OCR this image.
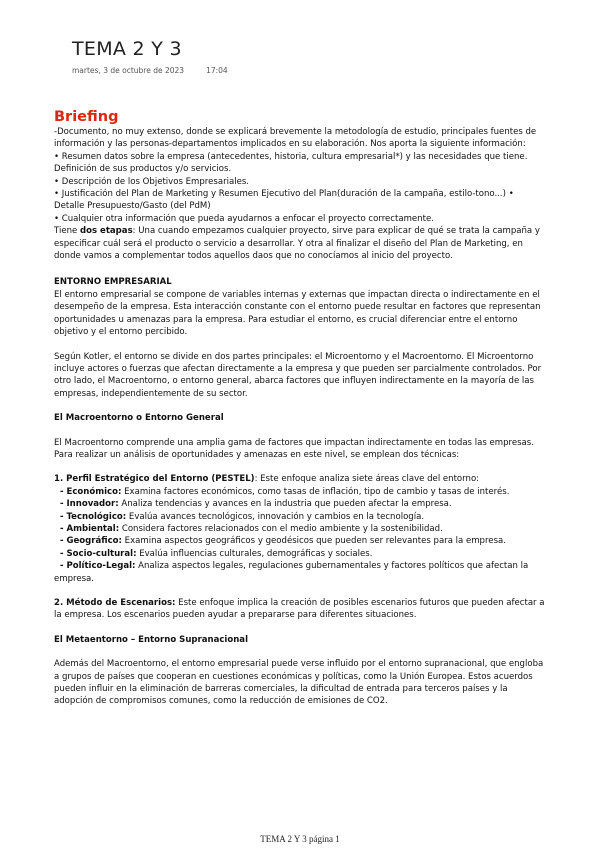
TEMA 2 Y 3
martes, 3 de octubre de 2023	17:04

Briefing

-Documento, no muy extenso, donde se explicará brevemente la metodología de estudio, principales fuentes de información y las personas-departamentos implicados en su elaboración. Nos aporta la siguiente información:

• Resumen datos sobre la empresa (antecedentes, historia, cultura empresarial*) y las necesidades que tiene. Definición de sus productos y/o servicios.

• Descripción de los Objetivos Empresariales.

• Justificación del Plan de Marketing y Resumen Ejecutivo del Plan(duración de la campaña, estilo-tono...) • Detalle Presupuesto/Gasto (del PdM)

• Cualquier otra información que pueda ayudarnos a enfocar el proyecto correctamente.

Tiene dos etapas: Una cuando empezamos cualquier proyecto, sirve para explicar de qué se trata la campaña y especificar cuál será el producto o servicio a desarrollar. Y otra al finalizar el diseño del Plan de Marketing, en donde vamos a complementar todos aquellos daos que no conocíamos al inicio del proyecto.

ENTORNO EMPRESARIAL

El entorno empresarial se compone de variables internas y externas que impactan directa o indirectamente en el desempeño de la empresa. Esta interacción constante con el entorno puede resultar en factores que representan oportunidades u amenazas para la empresa. Para estudiar el entorno, es crucial diferenciar entre el entorno objetivo y el entorno percibido.

Según Kotler, el entorno se divide en dos partes principales: el Microentorno y el Macroentorno. El Microentorno incluye actores o fuerzas que afectan directamente a la empresa y que pueden ser parcialmente controlados. Por otro lado, el Macroentorno, o entorno general, abarca factores que influyen indirectamente en la mayoría de las empresas, independientemente de su sector.

El Macroentorno o Entorno General

El Macroentorno comprende una amplia gama de factores que impactan indirectamente en todas las empresas. Para realizar un análisis de oportunidades y amenazas en este nivel, se emplean dos técnicas:

1. Perfil Estratégico del Entorno (PESTEL): Este enfoque analiza siete áreas clave del entorno:

- Económico: Examina factores económicos, como tasas de inflación, tipo de cambio y tasas de interés.

- Innovador: Analiza tendencias y avances en la industria que pueden afectar la empresa.

- Tecnológico: Evalúa avances tecnológicos, innovación y cambios en la tecnología.

- Ambiental: Considera factores relacionados con el medio ambiente y la sostenibilidad.

- Geográfico: Examina aspectos geográficos y geodésicos que pueden ser relevantes para la empresa.

- Socio-cultural: Evalúa influencias culturales, demográficas y sociales.

- Político-Legal: Analiza aspectos legales, regulaciones gubernamentales y factores políticos que afectan la empresa.

2. Método de Escenarios: Este enfoque implica la creación de posibles escenarios futuros que pueden afectar a la empresa. Los escenarios pueden ayudar a prepararse para diferentes situaciones.

El Metaentorno – Entorno Supranacional

Además del Macroentorno, el entorno empresarial puede verse influido por el entorno supranacional, que engloba a grupos de países que cooperan en cuestiones económicas y políticas, como la Unión Europea. Estos acuerdos pueden influir en la eliminación de barreras comerciales, la dificultad de entrada para terceros países y la adopción de compromisos comunes, como la reducción de emisiones de CO2.

TEMA 2 Y 3 página 1
